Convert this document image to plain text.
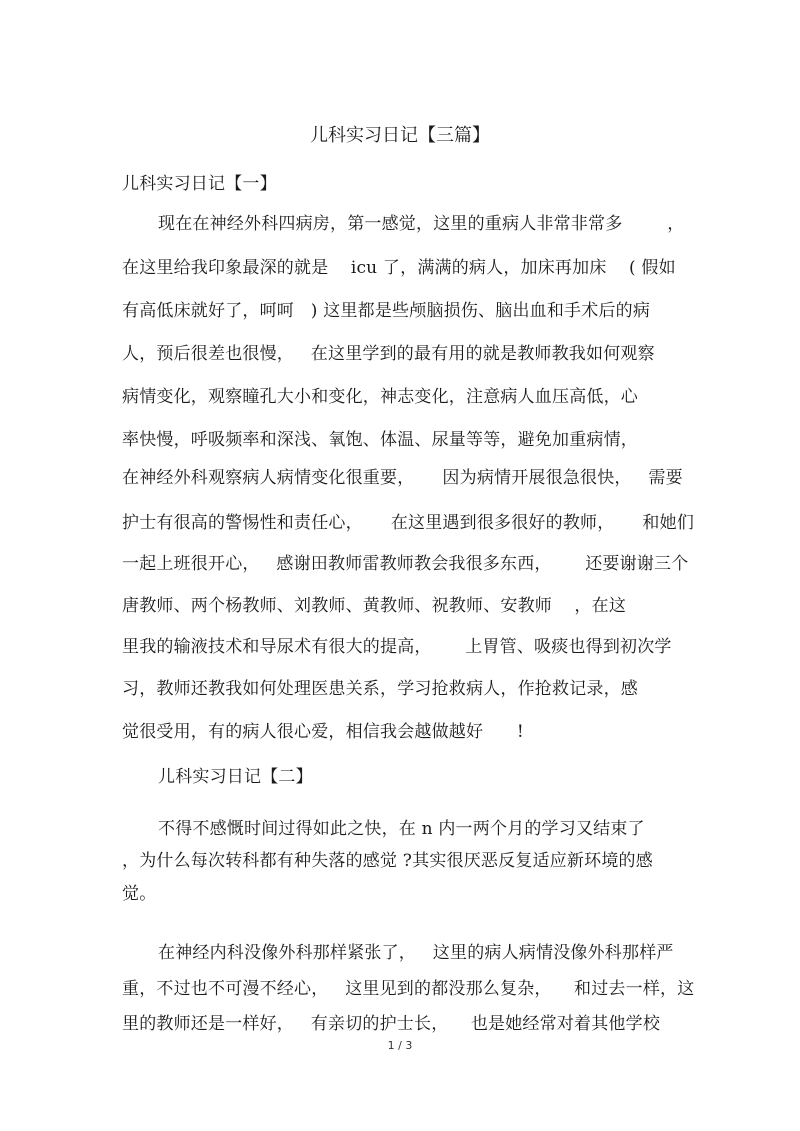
儿科实习日记【三篇】
儿科实习日记【一】
现在在神经外科四病房，第一感觉，这里的重病人非常非常多        ，
在这里给我印象最深的就是    icu 了，满满的病人，加床再加床    ( 假如
有高低床就好了，呵呵   ) 这里都是些颅脑损伤、脑出血和手术后的病
人，预后很差也很慢，   在这里学到的最有用的就是教师教我如何观察
病情变化，观察瞳孔大小和变化，神志变化，注意病人血压高低，心
率快慢，呼吸频率和深浅、氧饱、体温、尿量等等，避免加重病情，
在神经外科观察病人病情变化很重要，     因为病情开展很急很快，   需要
护士有很高的警惕性和责任心，     在这里遇到很多很好的教师，     和她们
一起上班很开心，   感谢田教师雷教师教会我很多东西，      还要谢谢三个
唐教师、两个杨教师、刘教师、黄教师、祝教师、安教师    ，在这
里我的输液技术和导尿术有很大的提高，      上胃管、吸痰也得到初次学
习，教师还教我如何处理医患关系，学习抢救病人，作抢救记录，感
觉很受用，有的病人很心爱，相信我会越做越好      !
儿科实习日记【二】
不得不感慨时间过得如此之快，在 n 内一两个月的学习又结束了
，为什么每次转科都有种失落的感觉 ?其实很厌恶反复适应新环境的感
觉。
在神经内科没像外科那样紧张了，   这里的病人病情没像外科那样严
重，不过也不可漫不经心，   这里见到的都没那么复杂，    和过去一样，这
里的教师还是一样好，   有亲切的护士长，    也是她经常对着其他学校
1 / 3
